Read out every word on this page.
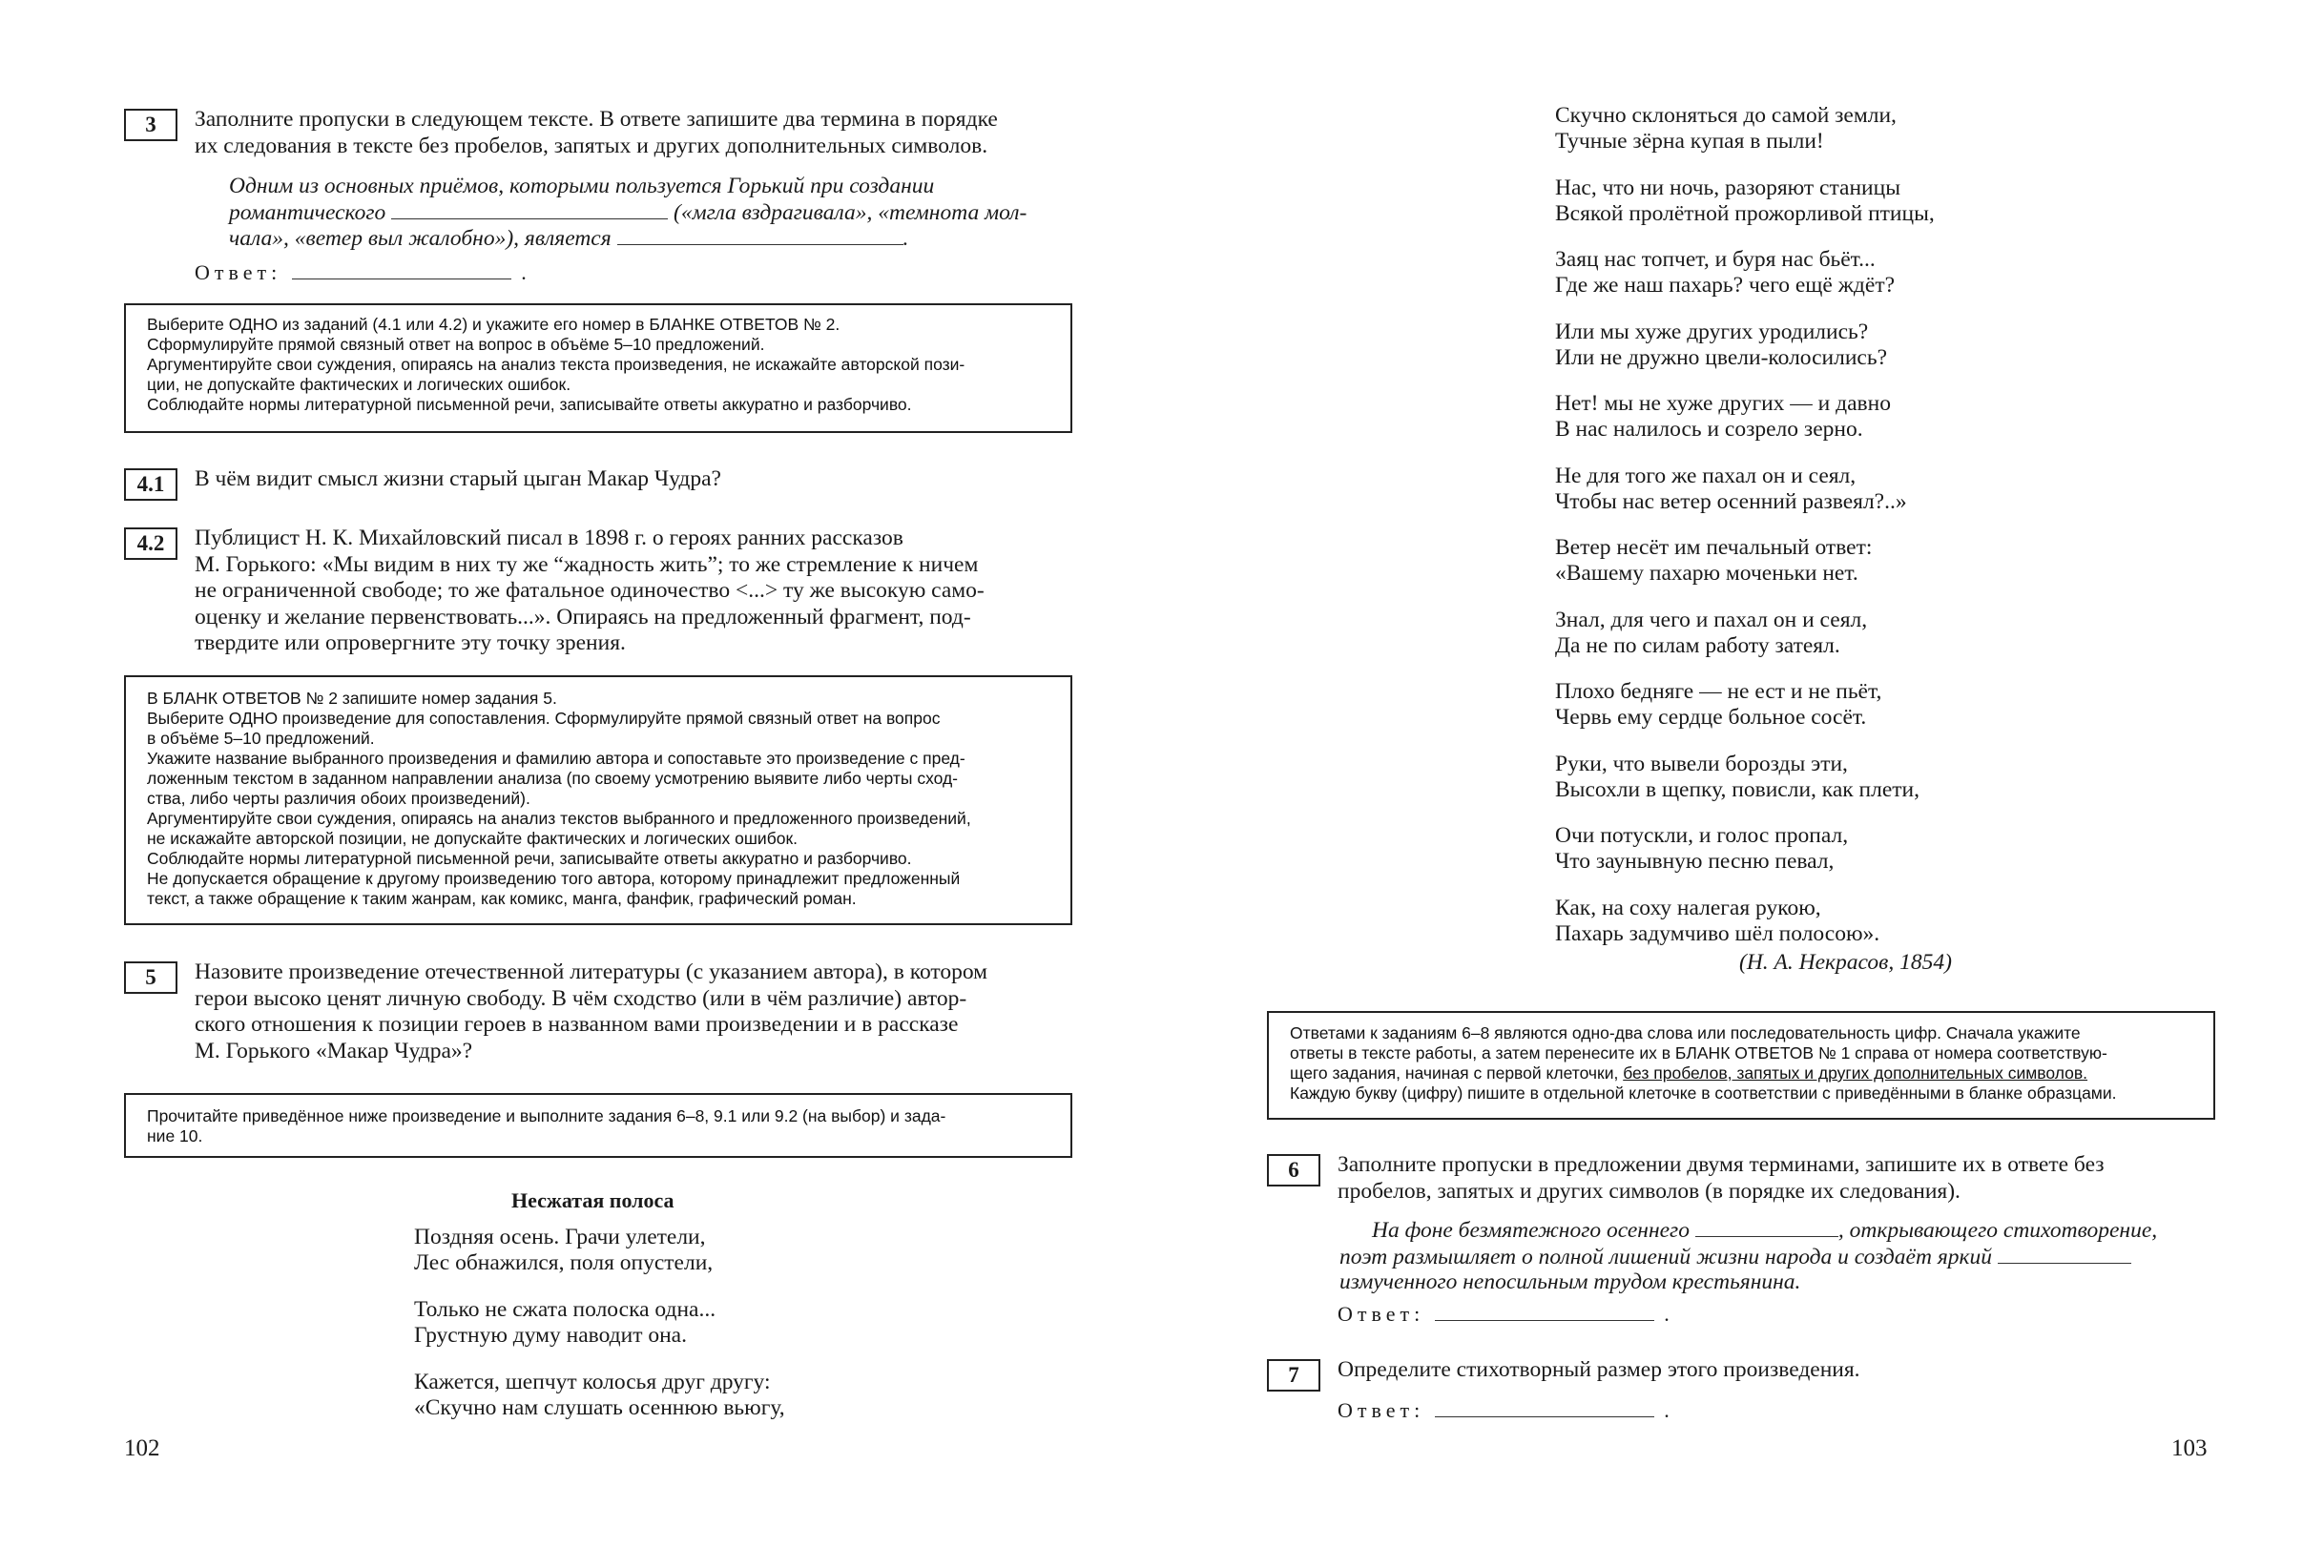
3	Заполните пропуски в следующем тексте. В ответе запишите два термина в порядке
их следования в тексте без пробелов, запятых и других дополнительных символов.
Одним из основных приёмов, которыми пользуется Горький при создании
романтического	(«мгла вздрагивала», «темнота мол-
чала», «ветер выл жалобно»), является	.
Ответ:	.
Выберите ОДНО из заданий (4.1 или 4.2) и укажите его номер в БЛАНКЕ ОТВЕТОВ № 2.
Сформулируйте прямой связный ответ на вопрос в объёме 5–10 предложений.
Аргументируйте свои суждения, опираясь на анализ текста произведения, не искажайте авторской пози-
ции, не допускайте фактических и логических ошибок.
Соблюдайте нормы литературной письменной речи, записывайте ответы аккуратно и разборчиво.
4.1	В чём видит смысл жизни старый цыган Макар Чудра?
4.2	Публицист Н. К. Михайловский писал в 1898 г. о героях ранних рассказов
М. Горького: «Мы видим в них ту же “жадность жить”; то же стремление к ничем
не ограниченной свободе; то же фатальное одиночество <...> ту же высокую само-
оценку и желание первенствовать...». Опираясь на предложенный фрагмент, под-
твердите или опровергните эту точку зрения.
В БЛАНК ОТВЕТОВ № 2 запишите номер задания 5.
Выберите ОДНО произведение для сопоставления. Сформулируйте прямой связный ответ на вопрос
в объёме 5–10 предложений.
Укажите название выбранного произведения и фамилию автора и сопоставьте это произведение с пред-
ложенным текстом в заданном направлении анализа (по своему усмотрению выявите либо черты сход-
ства, либо черты различия обоих произведений).
Аргументируйте свои суждения, опираясь на анализ текстов выбранного и предложенного произведений,
не искажайте авторской позиции, не допускайте фактических и логических ошибок.
Соблюдайте нормы литературной письменной речи, записывайте ответы аккуратно и разборчиво.
Не допускается обращение к другому произведению того автора, которому принадлежит предложенный
текст, а также обращение к таким жанрам, как комикс, манга, фанфик, графический роман.
5	Назовите произведение отечественной литературы (с указанием автора), в котором
герои высоко ценят личную свободу. В чём сходство (или в чём различие) автор-
ского отношения к позиции героев в названном вами произведении и в рассказе
М. Горького «Макар Чудра»?
Прочитайте приведённое ниже произведение и выполните задания 6–8, 9.1 или 9.2 (на выбор) и зада-
ние 10.
Несжатая полоса
Поздняя осень. Грачи улетели,
Лес обнажился, поля опустели,
Только не сжата полоска одна...
Грустную думу наводит она.
Кажется, шепчут колосья друг другу:
«Скучно нам слушать осеннюю вьюгу,
102
Скучно склоняться до самой земли,
Тучные зёрна купая в пыли!
Нас, что ни ночь, разоряют станицы
Всякой пролётной прожорливой птицы,
Заяц нас топчет, и буря нас бьёт...
Где же наш пахарь? чего ещё ждёт?
Или мы хуже других уродились?
Или не дружно цвели-колосились?
Нет! мы не хуже других — и давно
В нас налилось и созрело зерно.
Не для того же пахал он и сеял,
Чтобы нас ветер осенний развеял?..»
Ветер несёт им печальный ответ:
«Вашему пахарю моченьки нет.
Знал, для чего и пахал он и сеял,
Да не по силам работу затеял.
Плохо бедняге — не ест и не пьёт,
Червь ему сердце больное сосёт.
Руки, что вывели борозды эти,
Высохли в щепку, повисли, как плети,
Очи потускли, и голос пропал,
Что заунывную песню певал,
Как, на соху налегая рукою,
Пахарь задумчиво шёл полосою».
(Н. А. Некрасов, 1854)
Ответами к заданиям 6–8 являются одно-два слова или последовательность цифр. Сначала укажите
ответы в тексте работы, а затем перенесите их в БЛАНК ОТВЕТОВ № 1 справа от номера соответствую-
щего задания, начиная с первой клеточки, без пробелов, запятых и других дополнительных символов.
Каждую букву (цифру) пишите в отдельной клеточке в соответствии с приведёнными в бланке образцами.
6	Заполните пропуски в предложении двумя терминами, запишите их в ответе без
пробелов, запятых и других символов (в порядке их следования).
На фоне безмятежного осеннего	, открывающего стихотворение,
поэт размышляет о полной лишений жизни народа и создаёт яркий
измученного непосильным трудом крестьянина.
Ответ:	.
7	Определите стихотворный размер этого произведения.
Ответ:	.
103
